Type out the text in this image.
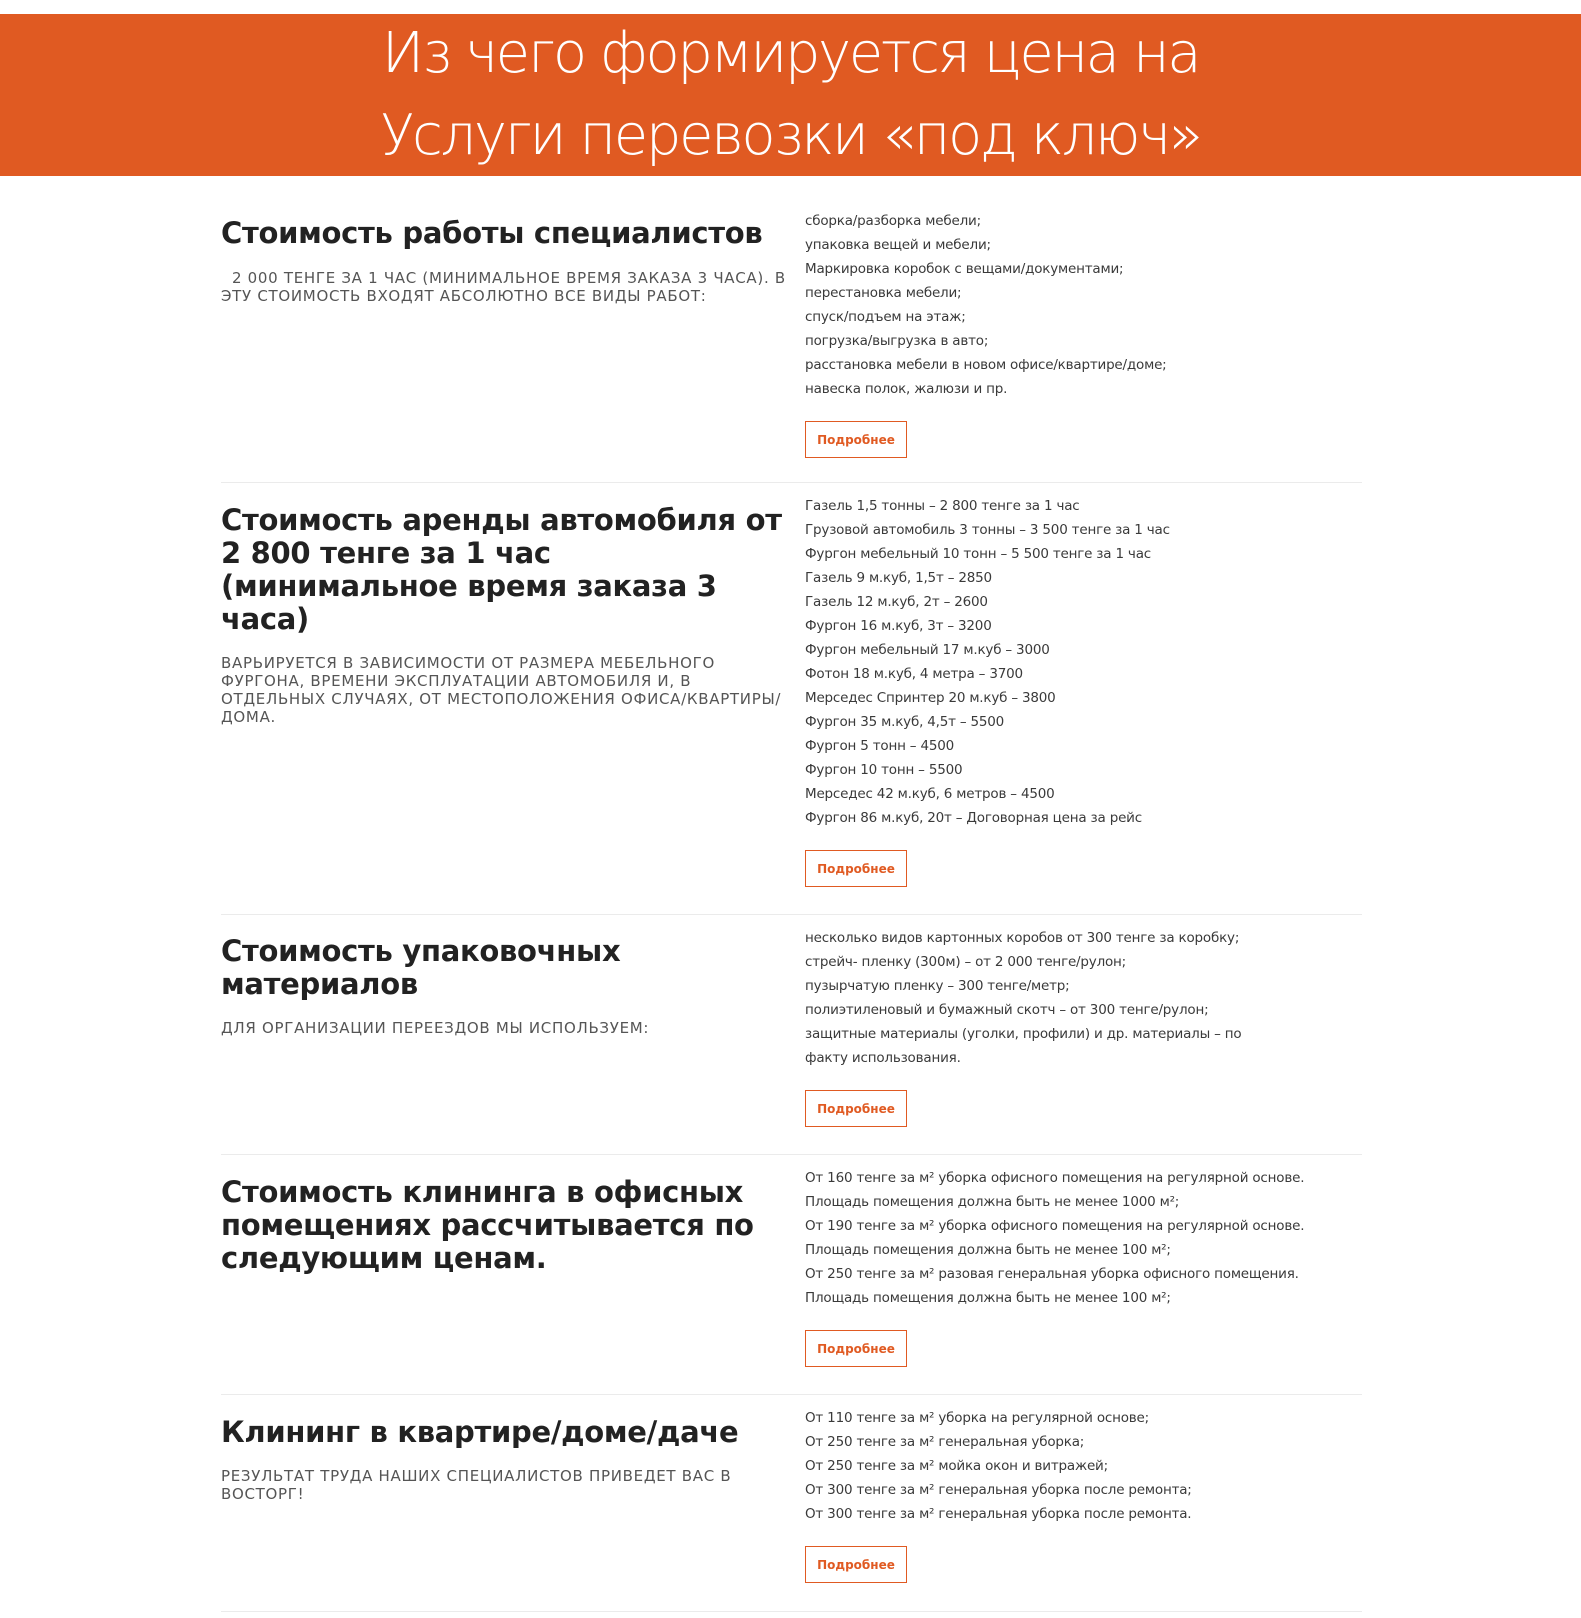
Из чего формируется цена на
Услуги перевозки «под ключ»
Стоимость работы специалистов
2 000 ТЕНГЕ ЗА 1 ЧАС (МИНИМАЛЬНОЕ ВРЕМЯ ЗАКАЗА 3 ЧАСА). В ЭТУ СТОИМОСТЬ ВХОДЯТ АБСОЛЮТНО ВСЕ ВИДЫ РАБОТ:
сборка/разборка мебели;
упаковка вещей и мебели;
Маркировка коробок с вещами/документами;
перестановка мебели;
спуск/подъем на этаж;
погрузка/выгрузка в авто;
расстановка мебели в новом офисе/квартире/доме;
навеска полок, жалюзи и пр.
Подробнее
Стоимость аренды автомобиля от 2 800 тенге за 1 час (минимальное время заказа 3 часа)
ВАРЬИРУЕТСЯ В ЗАВИСИМОСТИ ОТ РАЗМЕРА МЕБЕЛЬНОГО ФУРГОНА, ВРЕМЕНИ ЭКСПЛУАТАЦИИ АВТОМОБИЛЯ И, В ОТДЕЛЬНЫХ СЛУЧАЯХ, ОТ МЕСТОПОЛОЖЕНИЯ ОФИСА/КВАРТИРЫ/ДОМА.
Газель 1,5 тонны – 2 800 тенге за 1 час
Грузовой автомобиль 3 тонны – 3 500 тенге за 1 час
Фургон мебельный 10 тонн – 5 500 тенге за 1 час
Газель 9 м.куб, 1,5т – 2850
Газель 12 м.куб, 2т – 2600
Фургон 16 м.куб, 3т – 3200
Фургон мебельный 17 м.куб – 3000
Фотон 18 м.куб, 4 метра – 3700
Мерседес Спринтер 20 м.куб – 3800
Фургон 35 м.куб, 4,5т – 5500
Фургон 5 тонн – 4500
Фургон 10 тонн – 5500
Мерседес 42 м.куб, 6 метров – 4500
Фургон 86 м.куб, 20т – Договорная цена за рейс
Подробнее
Стоимость упаковочных материалов
ДЛЯ ОРГАНИЗАЦИИ ПЕРЕЕЗДОВ МЫ ИСПОЛЬЗУЕМ:
несколько видов картонных коробов от 300 тенге за коробку;
стрейч- пленку (300м) – от 2 000 тенге/рулон;
пузырчатую пленку – 300 тенге/метр;
полиэтиленовый и бумажный скотч – от 300 тенге/рулон;
защитные материалы (уголки, профили) и др. материалы – по факту использования.
Подробнее
Стоимость клининга в офисных помещениях рассчитывается по следующим ценам.
От 160 тенге за м² уборка офисного помещения на регулярной основе. Площадь помещения должна быть не менее 1000 м²;
От 190 тенге за м² уборка офисного помещения на регулярной основе. Площадь помещения должна быть не менее 100 м²;
От 250 тенге за м² разовая генеральная уборка офисного помещения. Площадь помещения должна быть не менее 100 м²;
Подробнее
Клининг в квартире/доме/даче
РЕЗУЛЬТАТ ТРУДА НАШИХ СПЕЦИАЛИСТОВ ПРИВЕДЕТ ВАС В ВОСТОРГ!
От 110 тенге за м² уборка на регулярной основе;
От 250 тенге за м² генеральная уборка;
От 250 тенге за м² мойка окон и витражей;
От 300 тенге за м² генеральная уборка после ремонта;
От 300 тенге за м² генеральная уборка после ремонта.
Подробнее
